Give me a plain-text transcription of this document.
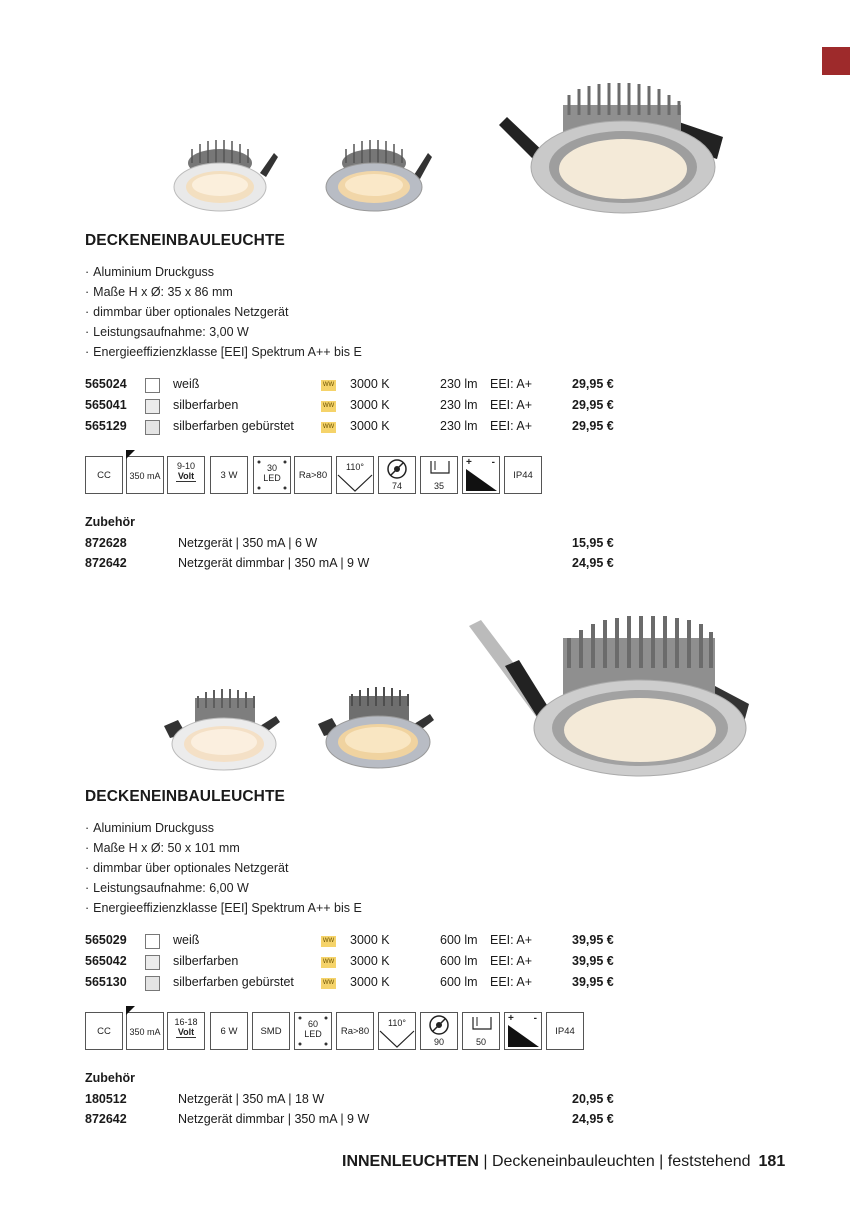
DECKENEINBAULEUCHTE
· Aluminium Druckguss
· Maße H x Ø: 35 x 86 mm
· dimmbar über optionales Netzgerät
· Leistungsaufnahme: 3,00 W
· Energieeffizienzklasse [EEI] Spektrum A++ bis E
565024	weiß	WW 3000 K	230 lm EEI: A+	29,95 €
565041	silberfarben	WW 3000 K	230 lm EEI: A+	29,95 €
565129	silberfarben gebürstet	WW 3000 K	230 lm EEI: A+	29,95 €
CC	350 mA
9-10
Volt	3 W
30
LED	Ra>80
110°
74	35
+ -
IP44
Zubehör
872628	Netzgerät | 350 mA | 6 W	15,95 €
872642	Netzgerät dimmbar | 350 mA | 9 W	24,95 €
DECKENEINBAULEUCHTE
· Aluminium Druckguss
· Maße H x Ø: 50 x 101 mm
· dimmbar über optionales Netzgerät
· Leistungsaufnahme: 6,00 W
· Energieeffizienzklasse [EEI] Spektrum A++ bis E
565029	weiß	WW 3000 K	600 lm EEI: A+	39,95 €
565042	silberfarben	WW 3000 K	600 lm EEI: A+	39,95 €
565130	silberfarben gebürstet	WW 3000 K	600 lm EEI: A+	39,95 €
CC	350 mA
16-18
Volt	6 W	SMD
60
LED	Ra>80
110°
90	50
+ -
IP44
Zubehör
180512	Netzgerät | 350 mA | 18 W	20,95 €
872642	Netzgerät dimmbar | 350 mA | 9 W	24,95 €
INNENLEUCHTEN | Deckeneinbauleuchten | feststehend 181
